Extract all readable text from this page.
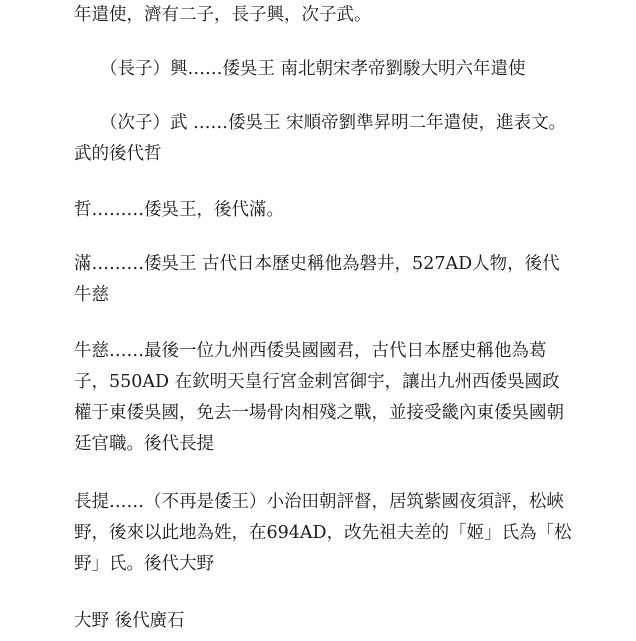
年遣使，濟有二子，長子興，次子武。

（長子）興……倭吳王 南北朝宋孝帝劉駿大明六年遣使

（次子）武 ……倭吳王 宋順帝劉準昇明二年遣使，進表文。武的後代哲

哲………倭吳王，後代滿。

滿………倭吳王 古代日本歷史稱他為磐井，527AD人物，後代牛慈

牛慈……最後一位九州西倭吳國國君，古代日本歷史稱他為葛子，550AD 在欽明天皇行宮金剌宮御宇，讓出九州西倭吳國政權于東倭吳國，免去一場骨肉相殘之戰，並接受畿內東倭吳國朝廷官職。後代長提

長提……（不再是倭王）小治田朝評督，居筑紫國夜須評，松峽野，後來以此地為姓，在694AD，改先祖夫差的「姬」氏為「松野」氏。後代大野

大野 後代廣石
